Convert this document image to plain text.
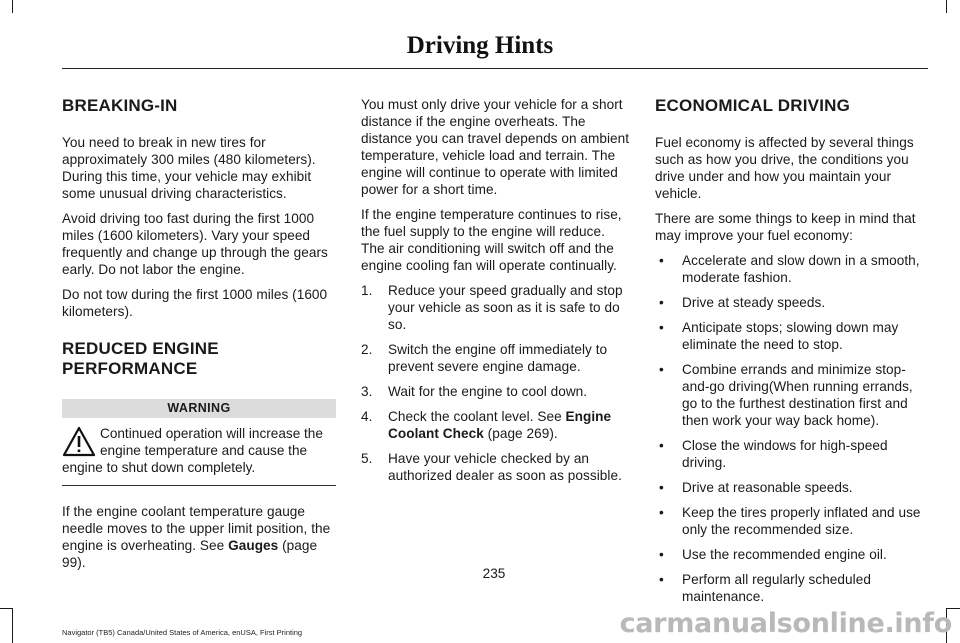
Driving Hints
BREAKING-IN

You need to break in new tires for approximately 300 miles (480 kilometers). During this time, your vehicle may exhibit some unusual driving characteristics.

Avoid driving too fast during the first 1000 miles (1600 kilometers). Vary your speed frequently and change up through the gears early. Do not labor the engine.

Do not tow during the first 1000 miles (1600 kilometers).

REDUCED ENGINE PERFORMANCE
WARNING
Continued operation will increase the engine temperature and cause the engine to shut down completely.

If the engine coolant temperature gauge needle moves to the upper limit position, the engine is overheating. See Gauges (page 99).

You must only drive your vehicle for a short distance if the engine overheats. The distance you can travel depends on ambient temperature, vehicle load and terrain. The engine will continue to operate with limited power for a short time.

If the engine temperature continues to rise, the fuel supply to the engine will reduce. The air conditioning will switch off and the engine cooling fan will operate continually.

1. Reduce your speed gradually and stop your vehicle as soon as it is safe to do so.
2. Switch the engine off immediately to prevent severe engine damage.
3. Wait for the engine to cool down.
4. Check the coolant level. See Engine Coolant Check (page 269).
5. Have your vehicle checked by an authorized dealer as soon as possible.
ECONOMICAL DRIVING

Fuel economy is affected by several things such as how you drive, the conditions you drive under and how you maintain your vehicle.

There are some things to keep in mind that may improve your fuel economy:

• Accelerate and slow down in a smooth, moderate fashion.
• Drive at steady speeds.
• Anticipate stops; slowing down may eliminate the need to stop.
• Combine errands and minimize stop-and-go driving(When running errands, go to the furthest destination first and then work your way back home).
• Close the windows for high-speed driving.
• Drive at reasonable speeds.
• Keep the tires properly inflated and use only the recommended size.
• Use the recommended engine oil.
• Perform all regularly scheduled maintenance.
235
Navigator (TB5) Canada/United States of America, enUSA, First Printing	carmanualsonline.info
